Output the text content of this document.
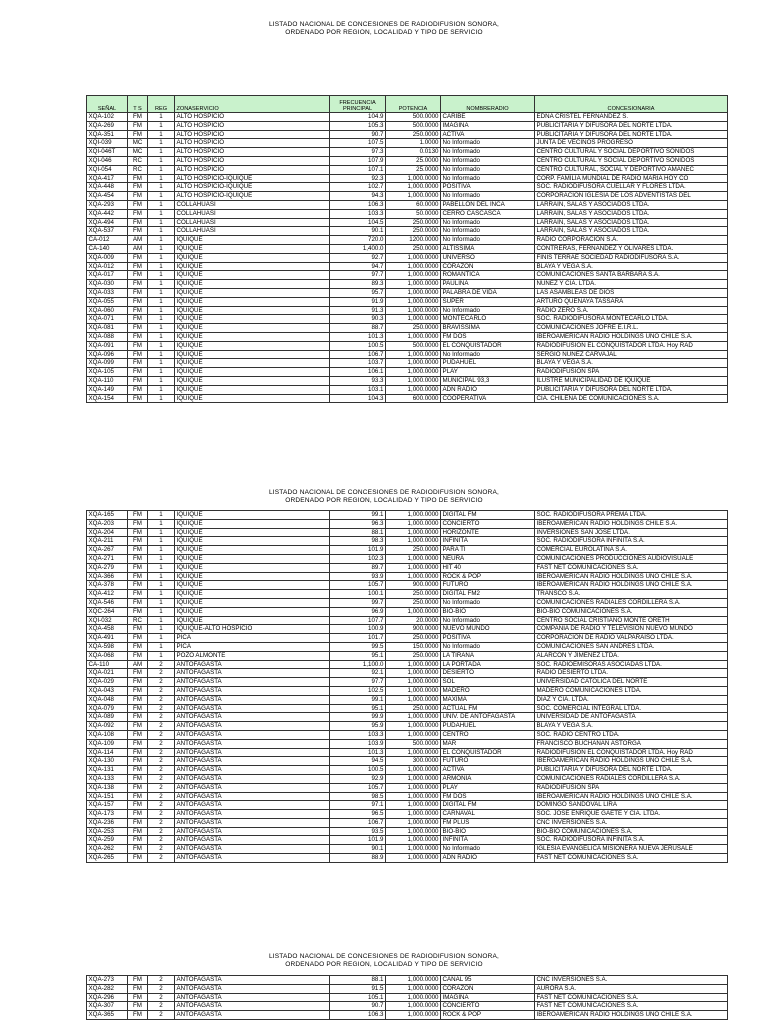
LISTADO NACIONAL DE CONCESIONES DE RADIODIFUSION SONORA,
ORDENADO POR REGION, LOCALIDAD Y TIPO DE SERVICIO
SEÑAL	T S	REG	ZONASERVICIO	FRECUENCIA
PRINCIPAL	POTENCIA	NOMBRERADIO	CONCESIONARIA
XQA-102	FM	1	ALTO HOSPICIO	104.9	500.0000	CARIBE	EDNA CRISTEL FERNANDEZ S.
XQA-269	FM	1	ALTO HOSPICIO	105.3	500.0000	IMAGINA	PUBLICITARIA Y DIFUSORA DEL NORTE LTDA.
XQA-351	FM	1	ALTO HOSPICIO	90.7	250.0000	ACTIVA	PUBLICITARIA Y DIFUSORA DEL NORTE LTDA.
XQI-039	MC	1	ALTO HOSPICIO	107.5	1.0000	No Informado	JUNTA DE VECINOS PROGRESO
XQI-046T	MC	1	ALTO HOSPICIO	97.3	0.0130	No Informado	CENTRO CULTURAL Y SOCIAL DEPORTIVO SONIDOS
XQI-046	RC	1	ALTO HOSPICIO	107.9	25.0000	No Informado	CENTRO CULTURAL Y SOCIAL DEPORTIVO SONIDOS
XQI-054	RC	1	ALTO HOSPICIO	107.1	25.0000	No Informado	CENTRO CULTURAL, SOCIAL Y DEPORTIVO AMANEC
XQA-417	FM	1	ALTO HOSPICIO-IQUIQUE	92.3	1,000.0000	No Informado	CORP. FAMILIA MUNDIAL DE RADIO MARIA HOY CO
XQA-448	FM	1	ALTO HOSPICIO-IQUIQUE	102.7	1,000.0000	POSITIVA	SOC. RADIODIFUSORA CUELLAR Y FLORES LTDA.
XQA-454	FM	1	ALTO HOSPICIO-IQUIQUE	94.3	1,000.0000	No Informado	CORPORACION IGLESIA DE LOS ADVENTISTAS DEL
XQA-293	FM	1	COLLAHUASI	106.3	60.0000	PABELLON DEL INCA	LARRAIN, SALAS Y ASOCIADOS LTDA.
XQA-442	FM	1	COLLAHUASI	103.3	50.0000	CERRO CASCASCA	LARRAIN, SALAS Y ASOCIADOS LTDA.
XQA-494	FM	1	COLLAHUASI	104.5	250.0000	No Informado	LARRAIN, SALAS Y ASOCIADOS LTDA.
XQA-537	FM	1	COLLAHUASI	90.1	250.0000	No Informado	LARRAIN, SALAS Y ASOCIADOS LTDA.
CA-012	AM	1	IQUIQUE	720.0	1200.0000	No Informado	RADIO CORPORACION S.A.
CA-140	AM	1	IQUIQUE	1,400.0	250.0000	ALTISSIMA	CONTRERAS, FERNANDEZ Y OLIVARES LTDA.
XQA-009	FM	1	IQUIQUE	92.7	1,000.0000	UNIVERSO	FINIS TERRAE SOCIEDAD RADIODIFUSORA S.A.
XQA-012	FM	1	IQUIQUE	94.7	1,000.0000	CORAZON	BLAYA Y VEGA S.A.
XQA-017	FM	1	IQUIQUE	97.7	1,000.0000	ROMANTICA	COMUNICACIONES SANTA BARBARA S.A.
XQA-030	FM	1	IQUIQUE	89.3	1,000.0000	PAULINA	NUÑEZ Y CIA. LTDA.
XQA-033	FM	1	IQUIQUE	95.7	1,000.0000	PALABRA DE VIDA	LAS ASAMBLEAS DE DIOS
XQA-055	FM	1	IQUIQUE	91.9	1,000.0000	SUPER	ARTURO QUENAYA TASSARA
XQA-060	FM	1	IQUIQUE	91.3	1,000.0000	No Informado	RADIO ZERO S.A.
XQA-071	FM	1	IQUIQUE	90.3	1,000.0000	MONTECARLO	SOC. RADIODIFUSORA MONTECARLO LTDA.
XQA-081	FM	1	IQUIQUE	88.7	250.0000	BRAVISSIMA	COMUNICACIONES JOFRE E.I.R.L.
XQA-088	FM	1	IQUIQUE	101.3	1,000.0000	FM DOS	IBEROAMERICAN RADIO HOLDINGS UNO CHILE S.A.
XQA-091	FM	1	IQUIQUE	100.5	500.0000	EL CONQUISTADOR	RADIODIFUSION EL CONQUISTADOR LTDA. Hoy RAD
XQA-096	FM	1	IQUIQUE	106.7	1,000.0000	No Informado	SERGIO NUÑEZ CARVAJAL
XQA-099	FM	1	IQUIQUE	103.7	1,000.0000	PUDAHUEL	BLAYA Y VEGA S.A.
XQA-105	FM	1	IQUIQUE	106.1	1,000.0000	PLAY	RADIODIFUSION SPA
XQA-110	FM	1	IQUIQUE	93.3	1,000.0000	MUNICIPAL 93,3	ILUSTRE MUNICIPALIDAD DE IQUIQUE
XQA-149	FM	1	IQUIQUE	103.1	1,000.0000	ADN RADIO	PUBLICITARIA Y DIFUSORA DEL NORTE LTDA.
XQA-154	FM	1	IQUIQUE	104.3	600.0000	COOPERATIVA	CIA. CHILENA DE COMUNICACIONES S.A.
LISTADO NACIONAL DE CONCESIONES DE RADIODIFUSION SONORA,
ORDENADO POR REGION, LOCALIDAD Y TIPO DE SERVICIO
XQA-165	FM	1	IQUIQUE	99.1	1,000.0000	DIGITAL FM	SOC. RADIODIFUSORA PREMA LTDA.
XQA-203	FM	1	IQUIQUE	96.3	1,000.0000	CONCIERTO	IBEROAMERICAN RADIO HOLDINGS CHILE S.A.
XQA-204	FM	1	IQUIQUE	88.1	1,000.0000	HORIZONTE	INVERSIONES SAN JOSE LTDA.
XQA-211	FM	1	IQUIQUE	98.3	1,000.0000	INFINITA	SOC. RADIODIFUSORA INFINITA S.A.
XQA-267	FM	1	IQUIQUE	101.9	250.0000	PARA TI	COMERCIAL EUROLATINA S.A.
XQA-271	FM	1	IQUIQUE	102.3	1,000.0000	NEURA	COMUNICACIONES PRODUCCIONES AUDIOVISUALE
XQA-279	FM	1	IQUIQUE	89.7	1,000.0000	HIT 40	FAST NET COMUNICACIONES S.A.
XQA-366	FM	1	IQUIQUE	93.9	1,000.0000	ROCK & POP	IBEROAMERICAN RADIO HOLDINGS UNO CHILE S.A.
XQA-378	FM	1	IQUIQUE	105.7	900.0000	FUTURO	IBEROAMERICAN RADIO HOLDINGS UNO CHILE S.A.
XQA-412	FM	1	IQUIQUE	100.1	250.0000	DIGITAL FM2	TRANSCO S.A.
XQA-546	FM	1	IQUIQUE	99.7	250.0000	No Informado	COMUNICACIONES RADIALES CORDILLERA S.A.
XQC-264	FM	1	IQUIQUE	96.9	1,000.0000	BIO-BIO	BIO-BIO COMUNICACIONES S.A.
XQI-032	RC	1	IQUIQUE	107.7	20.0000	No Informado	CENTRO SOCIAL CRISTIANO MONTE ORETH
XQA-458	FM	1	IQUIQUE-ALTO HOSPICIO	100.9	900.0000	NUEVO MUNDO	COMPAÑIA DE RADIO Y TELEVISION NUEVO MUNDO
XQA-491	FM	1	PICA	101.7	250.0000	POSITIVA	CORPORACION DE RADIO VALPARAISO LTDA.
XQA-598	FM	1	PICA	99.5	150.0000	No Informado	COMUNICACIONES SAN ANDRES LTDA.
XQA-068	FM	1	POZO ALMONTE	95.1	250.0000	LA TIRANA	ALARCON Y JIMENEZ LTDA.
CA-110	AM	2	ANTOFAGASTA	1,100.0	1,000.0000	LA PORTADA	SOC. RADIOEMISORAS ASOCIADAS LTDA.
XQA-021	FM	2	ANTOFAGASTA	92.1	1,000.0000	DESIERTO	RADIO DESIERTO LTDA.
XQA-029	FM	2	ANTOFAGASTA	97.7	1,000.0000	SOL	UNIVERSIDAD CATOLICA DEL NORTE
XQA-043	FM	2	ANTOFAGASTA	102.5	1,000.0000	MADERO	MADERO COMUNICACIONES LTDA.
XQA-048	FM	2	ANTOFAGASTA	99.1	1,000.0000	MAXIMA	DIAZ Y CIA. LTDA.
XQA-079	FM	2	ANTOFAGASTA	95.1	250.0000	ACTUAL FM	SOC. COMERCIAL INTEGRAL LTDA.
XQA-089	FM	2	ANTOFAGASTA	99.9	1,000.0000	UNIV. DE ANTOFAGASTA	UNIVERSIDAD DE ANTOFAGASTA
XQA-092	FM	2	ANTOFAGASTA	95.9	1,000.0000	PUDAHUEL	BLAYA Y VEGA S.A.
XQA-108	FM	2	ANTOFAGASTA	103.3	1,000.0000	CENTRO	SOC. RADIO CENTRO LTDA.
XQA-109	FM	2	ANTOFAGASTA	103.9	500.0000	MAR	FRANCISCO BUCHANAN ASTORGA
XQA-114	FM	2	ANTOFAGASTA	101.3	1,000.0000	EL CONQUISTADOR	RADIODIFUSION EL CONQUISTADOR LTDA. Hoy RAD
XQA-130	FM	2	ANTOFAGASTA	94.5	300.0000	FUTURO	IBEROAMERICAN RADIO HOLDINGS UNO CHILE S.A.
XQA-131	FM	2	ANTOFAGASTA	100.5	1,000.0000	ACTIVA	PUBLICITARIA Y DIFUSORA DEL NORTE LTDA.
XQA-133	FM	2	ANTOFAGASTA	92.9	1,000.0000	ARMONIA	COMUNICACIONES RADIALES CORDILLERA S.A.
XQA-138	FM	2	ANTOFAGASTA	105.7	1,000.0000	PLAY	RADIODIFUSION SPA
XQA-151	FM	2	ANTOFAGASTA	98.5	1,000.0000	FM DOS	IBEROAMERICAN RADIO HOLDINGS UNO CHILE S.A.
XQA-157	FM	2	ANTOFAGASTA	97.1	1,000.0000	DIGITAL FM	DOMINGO SANDOVAL LIRA
XQA-173	FM	2	ANTOFAGASTA	96.5	1,000.0000	CARNAVAL	SOC. JOSE ENRIQUE GAETE Y CIA. LTDA.
XQA-236	FM	2	ANTOFAGASTA	106.7	1,000.0000	FM PLUS	CNC INVERSIONES S.A.
XQA-253	FM	2	ANTOFAGASTA	93.5	1,000.0000	BIO-BIO	BIO-BIO COMUNICACIONES S.A.
XQA-259	FM	2	ANTOFAGASTA	101.9	1,000.0000	INFINITA	SOC. RADIODIFUSORA INFINITA S.A.
XQA-262	FM	2	ANTOFAGASTA	90.1	1,000.0000	No Informado	IGLESIA EVANGELICA MISIONERA NUEVA JERUSALE
XQA-265	FM	2	ANTOFAGASTA	88.9	1,000.0000	ADN RADIO	FAST NET COMUNICACIONES S.A.
LISTADO NACIONAL DE CONCESIONES DE RADIODIFUSION SONORA,
ORDENADO POR REGION, LOCALIDAD Y TIPO DE SERVICIO
XQA-273	FM	2	ANTOFAGASTA	88.1	1,000.0000	CANAL 95	CNC INVERSIONES S.A.
XQA-282	FM	2	ANTOFAGASTA	91.5	1,000.0000	CORAZON	AURORA S.A.
XQA-296	FM	2	ANTOFAGASTA	105.1	1,000.0000	IMAGINA	FAST NET COMUNICACIONES S.A.
XQA-307	FM	2	ANTOFAGASTA	90.7	1,000.0000	CONCIERTO	FAST NET COMUNICACIONES S.A.
XQA-365	FM	2	ANTOFAGASTA	106.3	1,000.0000	ROCK & POP	IBEROAMERICAN RADIO HOLDINGS UNO CHILE S.A.
